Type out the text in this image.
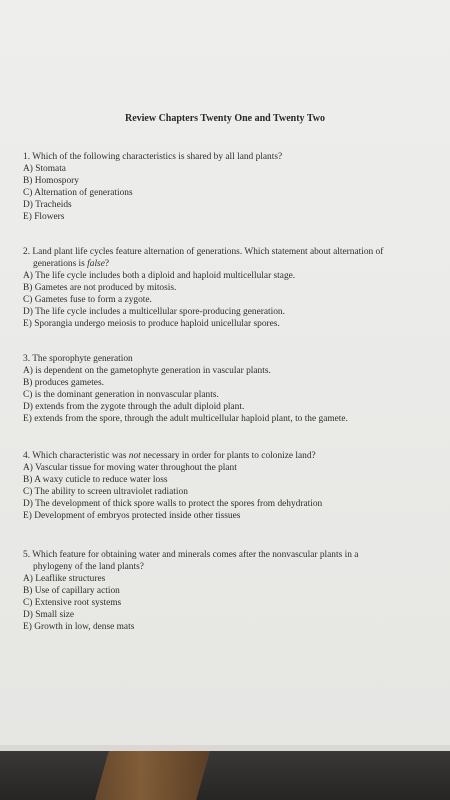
Review Chapters Twenty One and Twenty Two

1. Which of the following characteristics is shared by all land plants?

A) Stomata

B) Homospory

C) Alternation of generations

D) Tracheids

E) Flowers

2. Land plant life cycles feature alternation of generations. Which statement about alternation of

generations is false?

A) The life cycle includes both a diploid and haploid multicellular stage.

B) Gametes are not produced by mitosis.

C) Gametes fuse to form a zygote.

D) The life cycle includes a multicellular spore-producing generation.

E) Sporangia undergo meiosis to produce haploid unicellular spores.

3. The sporophyte generation

A) is dependent on the gametophyte generation in vascular plants.

B) produces gametes.

C) is the dominant generation in nonvascular plants.

D) extends from the zygote through the adult diploid plant.

E) extends from the spore, through the adult multicellular haploid plant, to the gamete.

4. Which characteristic was not necessary in order for plants to colonize land?

A) Vascular tissue for moving water throughout the plant

B) A waxy cuticle to reduce water loss

C) The ability to screen ultraviolet radiation

D) The development of thick spore walls to protect the spores from dehydration

E) Development of embryos protected inside other tissues

5. Which feature for obtaining water and minerals comes after the nonvascular plants in a

phylogeny of the land plants?

A) Leaflike structures

B) Use of capillary action

C) Extensive root systems

D) Small size

E) Growth in low, dense mats
